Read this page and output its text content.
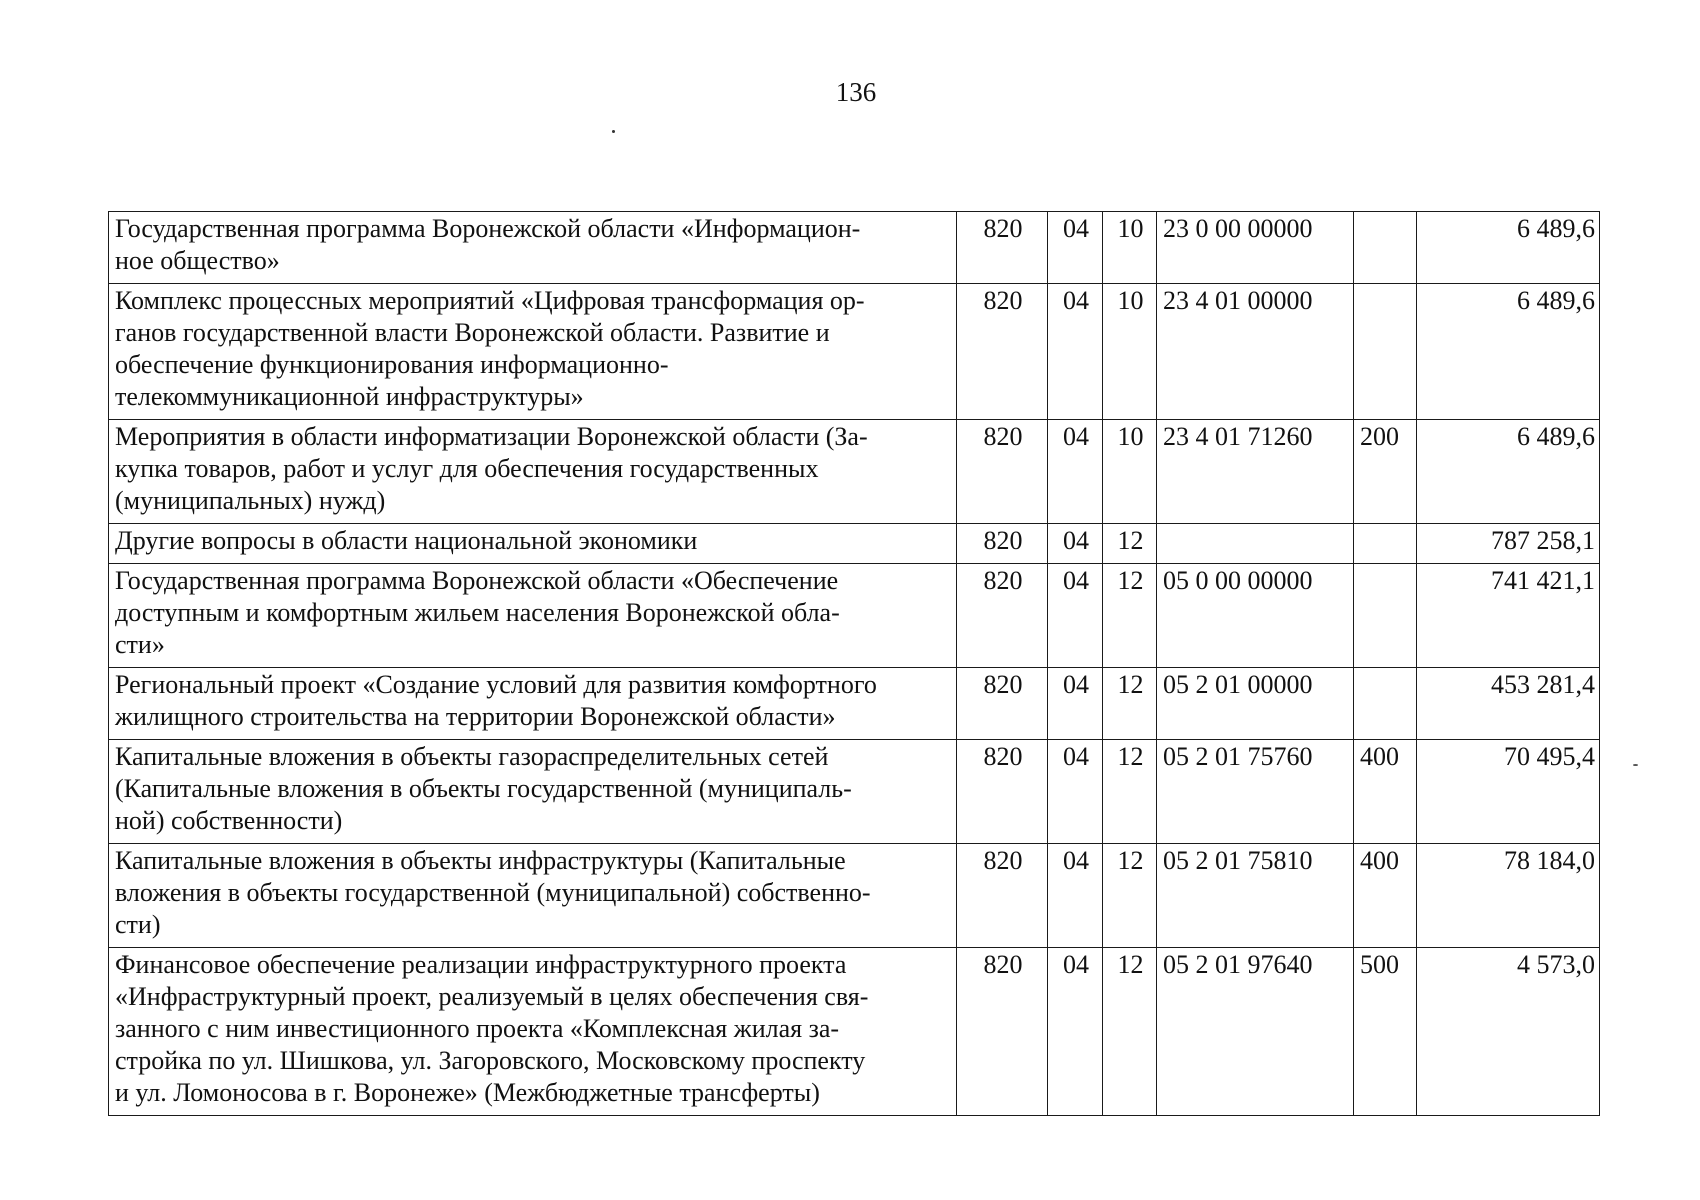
136
Государственная программа Воронежской области «Информацион-
ное общество»	820	04	10	23 0 00 00000		6 489,6

Комплекс процессных мероприятий «Цифровая трансформация ор-
ганов государственной власти Воронежской области. Развитие и
обеспечение функционирования информационно-
телекоммуникационной инфраструктуры»	820	04	10	23 4 01 00000		6 489,6

Мероприятия в области информатизации Воронежской области (За-
купка товаров, работ и услуг для обеспечения государственных
(муниципальных) нужд)	820	04	10	23 4 01 71260	200	6 489,6

Другие вопросы в области национальной экономики	820	04	12			787 258,1

Государственная программа Воронежской области «Обеспечение
доступным и комфортным жильем населения Воронежской обла-
сти»	820	04	12	05 0 00 00000		741 421,1

Региональный проект «Создание условий для развития комфортного
жилищного строительства на территории Воронежской области»	820	04	12	05 2 01 00000		453 281,4

Капитальные вложения в объекты газораспределительных сетей
(Капитальные вложения в объекты государственной (муниципаль-
ной) собственности)	820	04	12	05 2 01 75760	400	70 495,4

Капитальные вложения в объекты инфраструктуры (Капитальные
вложения в объекты государственной (муниципальной) собственно-
сти)	820	04	12	05 2 01 75810	400	78 184,0

Финансовое обеспечение реализации инфраструктурного проекта
«Инфраструктурный проект, реализуемый в целях обеспечения свя-
занного с ним инвестиционного проекта «Комплексная жилая за-
стройка по ул. Шишкова, ул. Загоровского, Московскому проспекту
и ул. Ломоносова в г. Воронеже» (Межбюджетные трансферты)	820	04	12	05 2 01 97640	500	4 573,0
